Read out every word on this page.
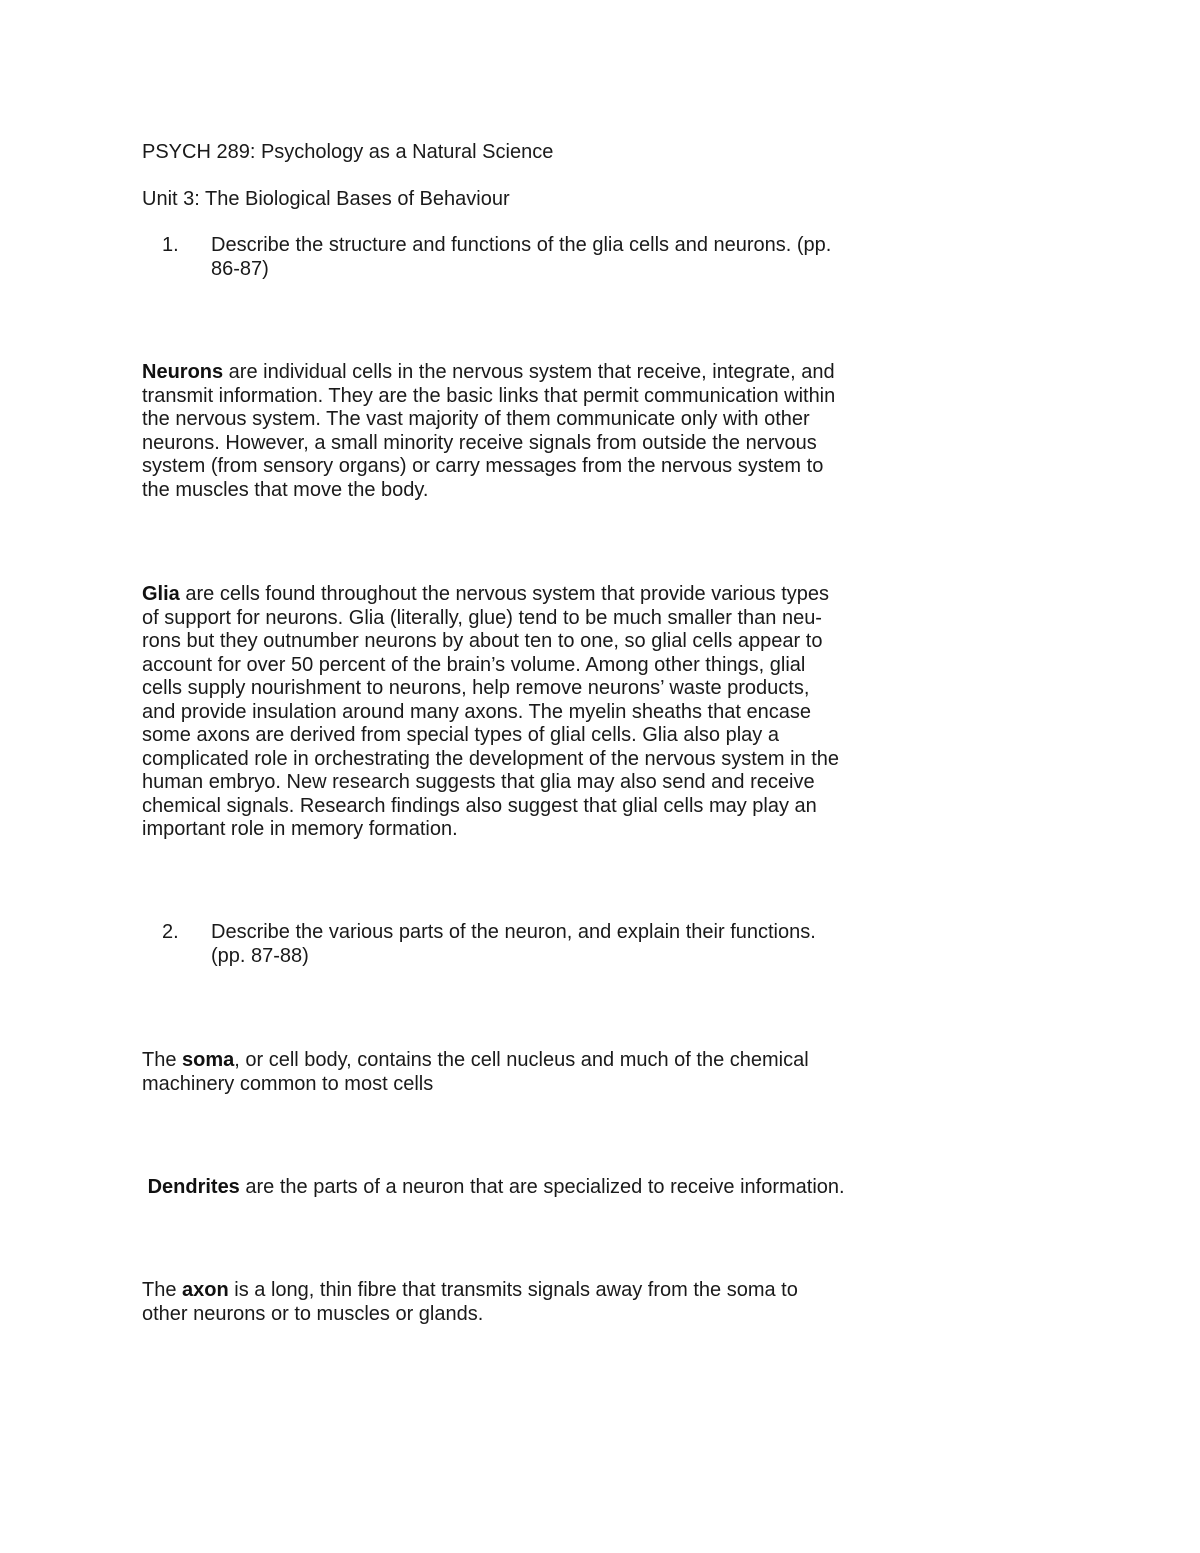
PSYCH 289: Psychology as a Natural Science

Unit 3: The Biological Bases of Behaviour

1. Describe the structure and functions of the glia cells and neurons. (pp.
86-87)

Neurons are individual cells in the nervous system that receive, integrate, and
transmit information. They are the basic links that permit communication within
the nervous system. The vast majority of them communicate only with other
neurons. However, a small minority receive signals from outside the nervous
system (from sensory organs) or carry messages from the nervous system to
the muscles that move the body.

Glia are cells found throughout the nervous system that provide various types
of support for neurons. Glia (literally, glue) tend to be much smaller than neu-
rons but they outnumber neurons by about ten to one, so glial cells appear to
account for over 50 percent of the brain’s volume. Among other things, glial
cells supply nourishment to neurons, help remove neurons’ waste products,
and provide insulation around many axons. The myelin sheaths that encase
some axons are derived from special types of glial cells. Glia also play a
complicated role in orchestrating the development of the nervous system in the
human embryo. New research suggests that glia may also send and receive
chemical signals. Research findings also suggest that glial cells may play an
important role in memory formation.

2. Describe the various parts of the neuron, and explain their functions.
(pp. 87-88)

The soma, or cell body, contains the cell nucleus and much of the chemical
machinery common to most cells

Dendrites are the parts of a neuron that are specialized to receive information.

The axon is a long, thin fibre that transmits signals away from the soma to
other neurons or to muscles or glands.
